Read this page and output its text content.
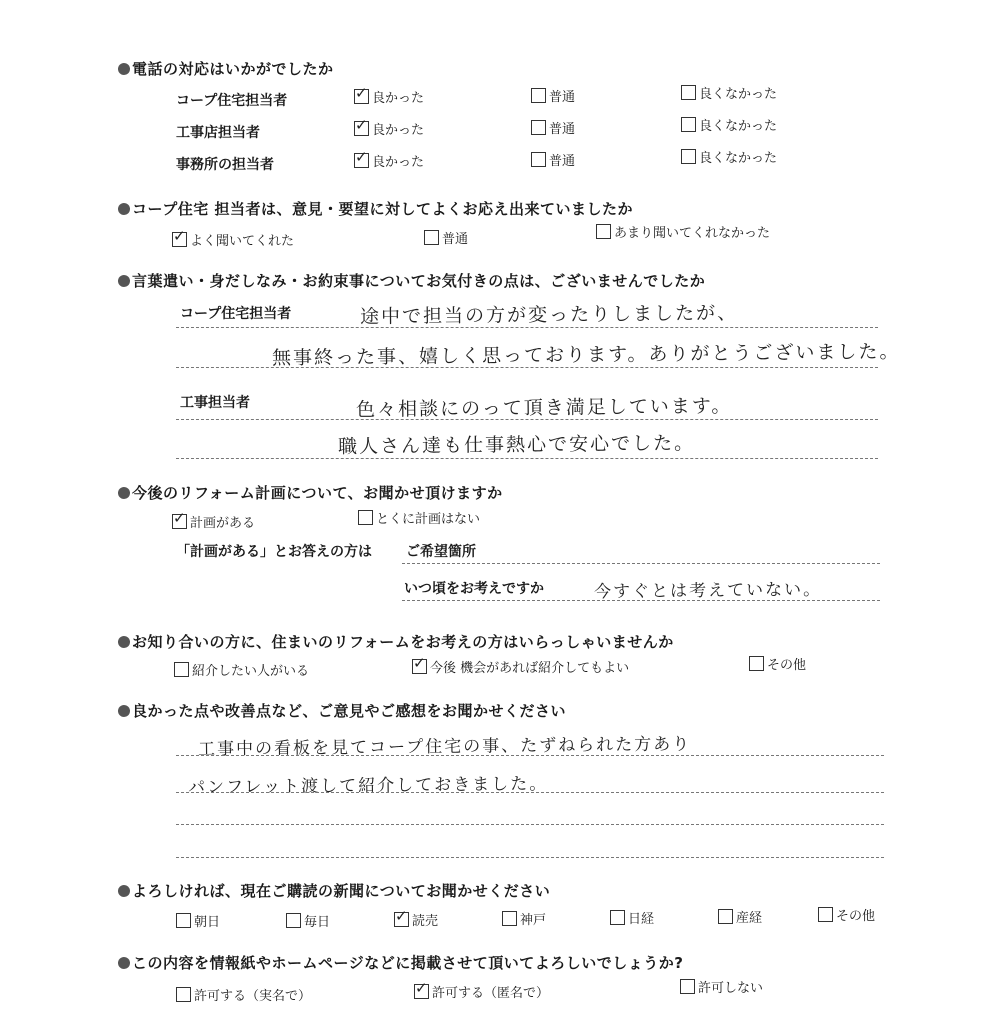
電話の対応はいかがでしたか
コープ住宅担当者	✓ 良かった	普通	良くなかった
工事店担当者	✓ 良かった	普通	良くなかった
事務所の担当者	✓ 良かった	普通	良くなかった
コープ住宅 担当者は、意見・要望に対してよくお応え出来ていましたか
✓ よく聞いてくれた	普通	あまり聞いてくれなかった
言葉遣い・身だしなみ・お約束事についてお気付きの点は、ございませんでしたか
コープ住宅担当者	途中で担当の方が変ったりしましたが、
無事終った事、嬉しく思っております。ありがとうございました。
工事担当者	色々相談にのって頂き満足しています。
職人さん達も仕事熱心で安心でした。
今後のリフォーム計画について、お聞かせ頂けますか
✓ 計画がある	とくに計画はない
「計画がある」とお答えの方は ご希望箇所
いつ頃をお考えですか	今すぐとは考えていない。
お知り合いの方に、住まいのリフォームをお考えの方はいらっしゃいませんか
紹介したい人がいる	✓ 今後 機会があれば紹介してもよい	その他
良かった点や改善点など、ご意見やご感想をお聞かせください
工事中の看板を見てコープ住宅の事、たずねられた方あり
パンフレット渡して紹介しておきました。
よろしければ、現在ご購読の新聞についてお聞かせください
朝日	毎日	✓ 読売	神戸	日経	産経	その他
この内容を情報紙やホームページなどに掲載させて頂いてよろしいでしょうか?
許可する（実名で）	✓ 許可する（匿名で）	許可しない
